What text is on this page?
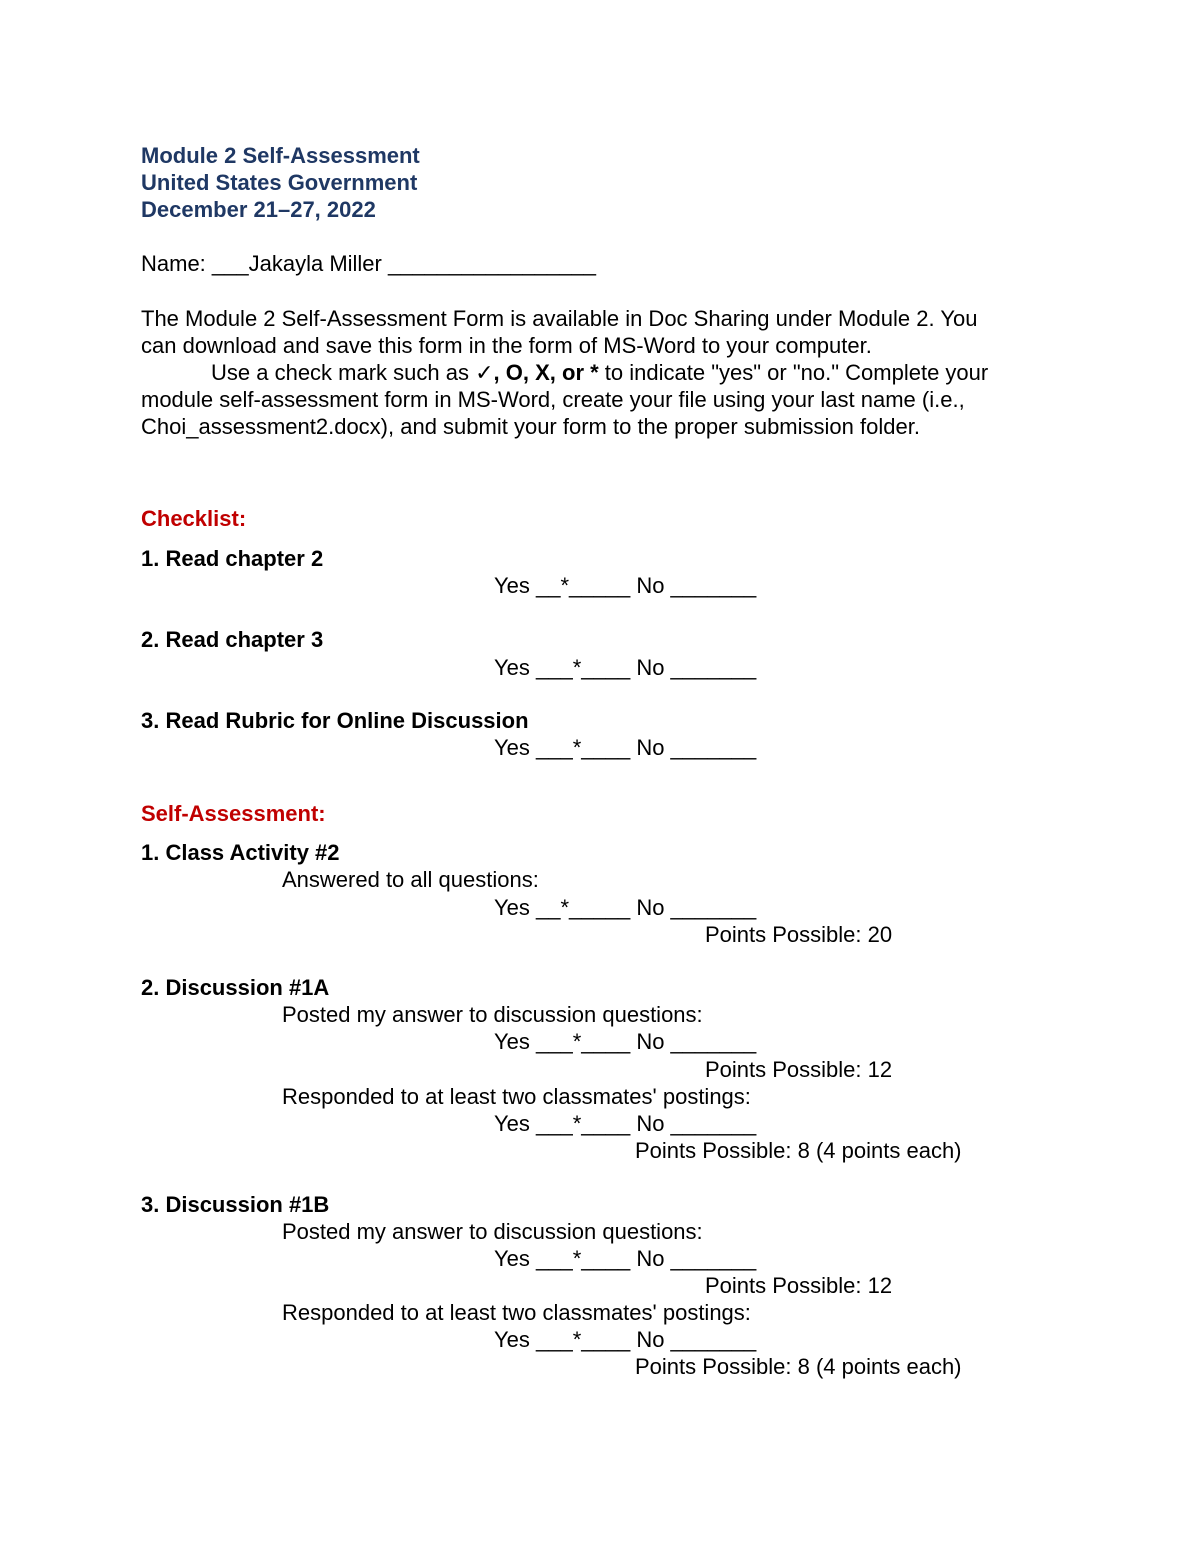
Module 2 Self-Assessment
United States Government
December 21–27, 2022
Name: ___Jakayla Miller _________________
The Module 2 Self-Assessment Form is available in Doc Sharing under Module 2. You
can download and save this form in the form of MS-Word to your computer.
Use a check mark such as ✓, O, X, or * to indicate "yes" or "no." Complete your
module self-assessment form in MS-Word, create your file using your last name (i.e.,
Choi_assessment2.docx), and submit your form to the proper submission folder.
Checklist:
1. Read chapter 2
Yes __*_____ No _______
2. Read chapter 3
Yes ___*____ No _______
3. Read Rubric for Online Discussion
Yes ___*____ No _______
Self-Assessment:
1. Class Activity #2
Answered to all questions:
Yes __*_____ No _______
Points Possible: 20
2. Discussion #1A
Posted my answer to discussion questions:
Yes ___*____ No _______
Points Possible: 12
Responded to at least two classmates' postings:
Yes ___*____ No _______
Points Possible: 8 (4 points each)
3. Discussion #1B
Posted my answer to discussion questions:
Yes ___*____ No _______
Points Possible: 12
Responded to at least two classmates' postings:
Yes ___*____ No _______
Points Possible: 8 (4 points each)
